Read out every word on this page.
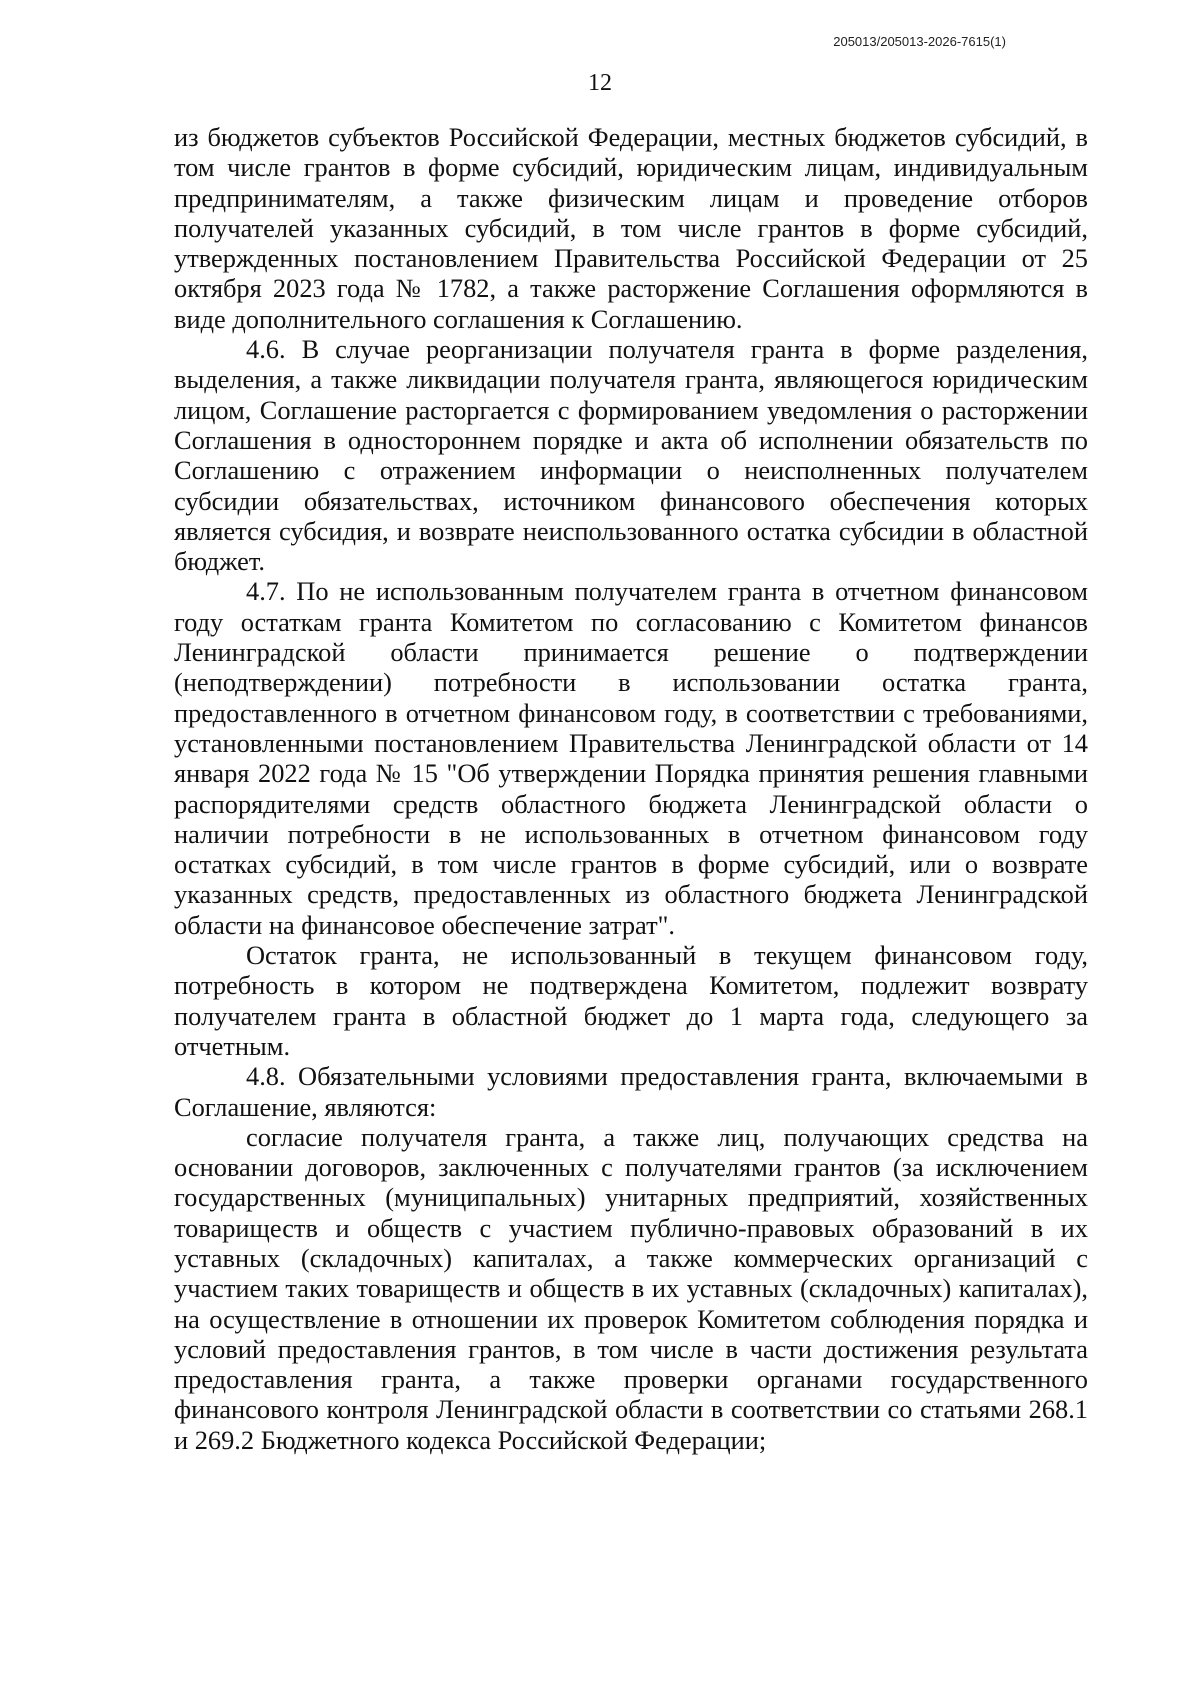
205013/205013-2026-7615(1)
12

из бюджетов субъектов Российской Федерации, местных бюджетов субсидий, в том числе грантов в форме субсидий, юридическим лицам, индивидуальным предпринимателям, а также физическим лицам и проведение отборов получателей указанных субсидий, в том числе грантов в форме субсидий, утвержденных постановлением Правительства Российской Федерации от 25 октября 2023 года № 1782, а также расторжение Соглашения оформляются в виде дополнительного соглашения к Соглашению.

4.6. В случае реорганизации получателя гранта в форме разделения, выделения, а также ликвидации получателя гранта, являющегося юридическим лицом, Соглашение расторгается с формированием уведомления о расторжении Соглашения в одностороннем порядке и акта об исполнении обязательств по Соглашению с отражением информации о неисполненных получателем субсидии обязательствах, источником финансового обеспечения которых является субсидия, и возврате неиспользованного остатка субсидии в областной бюджет.

4.7. По не использованным получателем гранта в отчетном финансовом году остаткам гранта Комитетом по согласованию с Комитетом финансов Ленинградской области принимается решение о подтверждении (неподтверждении) потребности в использовании остатка гранта, предоставленного в отчетном финансовом году, в соответствии с требованиями, установленными постановлением Правительства Ленинградской области от 14 января 2022 года № 15 "Об утверждении Порядка принятия решения главными распорядителями средств областного бюджета Ленинградской области о наличии потребности в не использованных в отчетном финансовом году остатках субсидий, в том числе грантов в форме субсидий, или о возврате указанных средств, предоставленных из областного бюджета Ленинградской области на финансовое обеспечение затрат".

Остаток гранта, не использованный в текущем финансовом году, потребность в котором не подтверждена Комитетом, подлежит возврату получателем гранта в областной бюджет до 1 марта года, следующего за отчетным.

4.8. Обязательными условиями предоставления гранта, включаемыми в Соглашение, являются:

согласие получателя гранта, а также лиц, получающих средства на основании договоров, заключенных с получателями грантов (за исключением государственных (муниципальных) унитарных предприятий, хозяйственных товариществ и обществ с участием публично-правовых образований в их уставных (складочных) капиталах, а также коммерческих организаций с участием таких товариществ и обществ в их уставных (складочных) капиталах), на осуществление в отношении их проверок Комитетом соблюдения порядка и условий предоставления грантов, в том числе в части достижения результата предоставления гранта, а также проверки органами государственного финансового контроля Ленинградской области в соответствии со статьями 268.1 и 269.2 Бюджетного кодекса Российской Федерации;
